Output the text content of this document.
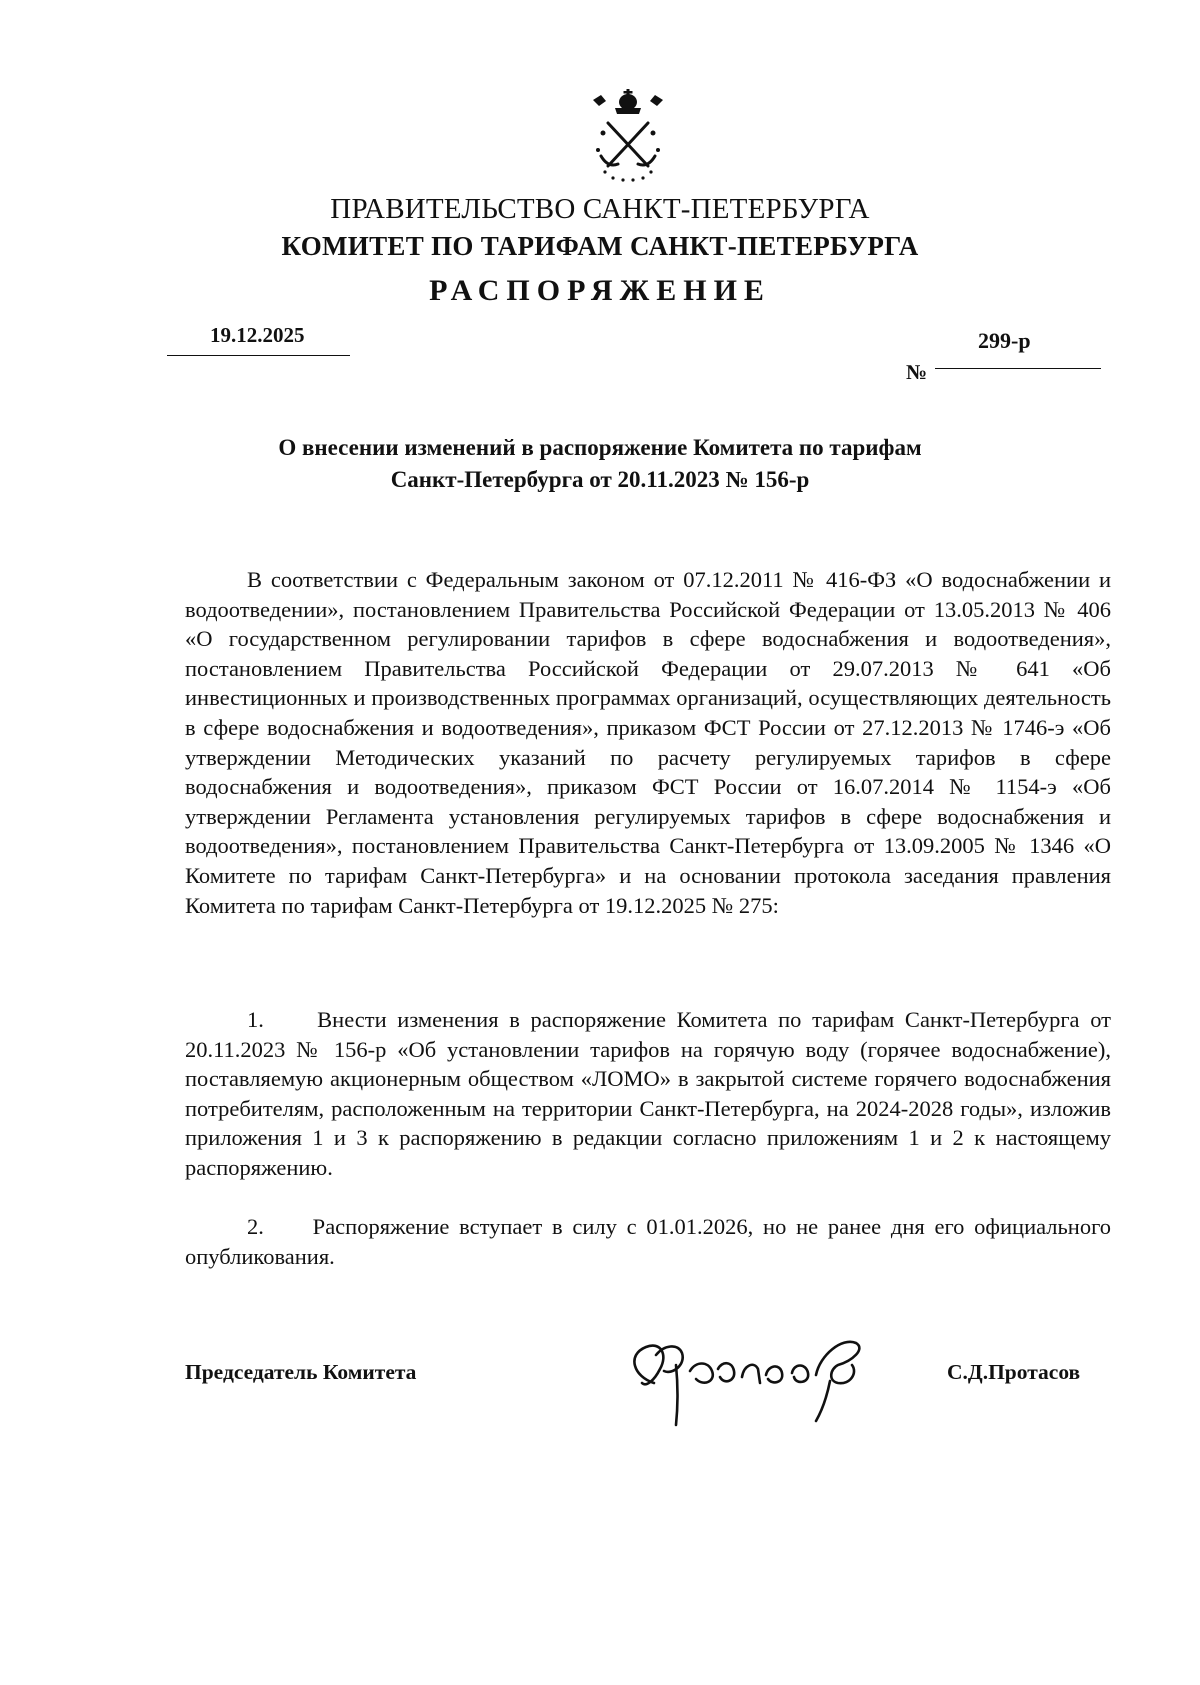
ПРАВИТЕЛЬСТВО САНКТ-ПЕТЕРБУРГА
КОМИТЕТ ПО ТАРИФАМ САНКТ-ПЕТЕРБУРГА
РАСПОРЯЖЕНИЕ
19.12.2025
№
299-р
О внесении изменений в распоряжение Комитета по тарифам
Санкт-Петербурга от 20.11.2023 № 156-р

В соответствии с Федеральным законом от 07.12.2011 № 416-ФЗ «О водоснабжении и водоотведении», постановлением Правительства Российской Федерации от 13.05.2013 № 406 «О государственном регулировании тарифов в сфере водоснабжения и водоотведения», постановлением Правительства Российской Федерации от 29.07.2013 № 641 «Об инвестиционных и производственных программах организаций, осуществляющих деятельность в сфере водоснабжения и водоотведения», приказом ФСТ России от 27.12.2013 № 1746-э «Об утверждении Методических указаний по расчету регулируемых тарифов в сфере водоснабжения и водоотведения», приказом ФСТ России от 16.07.2014 № 1154-э «Об утверждении Регламента установления регулируемых тарифов в сфере водоснабжения и водоотведения», постановлением Правительства Санкт-Петербурга от 13.09.2005 № 1346 «О Комитете по тарифам Санкт-Петербурга» и на основании протокола заседания правления Комитета по тарифам Санкт-Петербурга от 19.12.2025 № 275:

1.     Внести изменения в распоряжение Комитета по тарифам Санкт-Петербурга от 20.11.2023 № 156-р «Об установлении тарифов на горячую воду (горячее водоснабжение), поставляемую акционерным обществом «ЛОМО» в закрытой системе горячего водоснабжения потребителям, расположенным на территории Санкт-Петербурга, на 2024-2028 годы», изложив приложения 1 и 3 к распоряжению в редакции согласно приложениям 1 и 2 к настоящему распоряжению.

2.     Распоряжение вступает в силу с 01.01.2026, но не ранее дня его официального опубликования.

Председатель Комитета	С.Д.Протасов
